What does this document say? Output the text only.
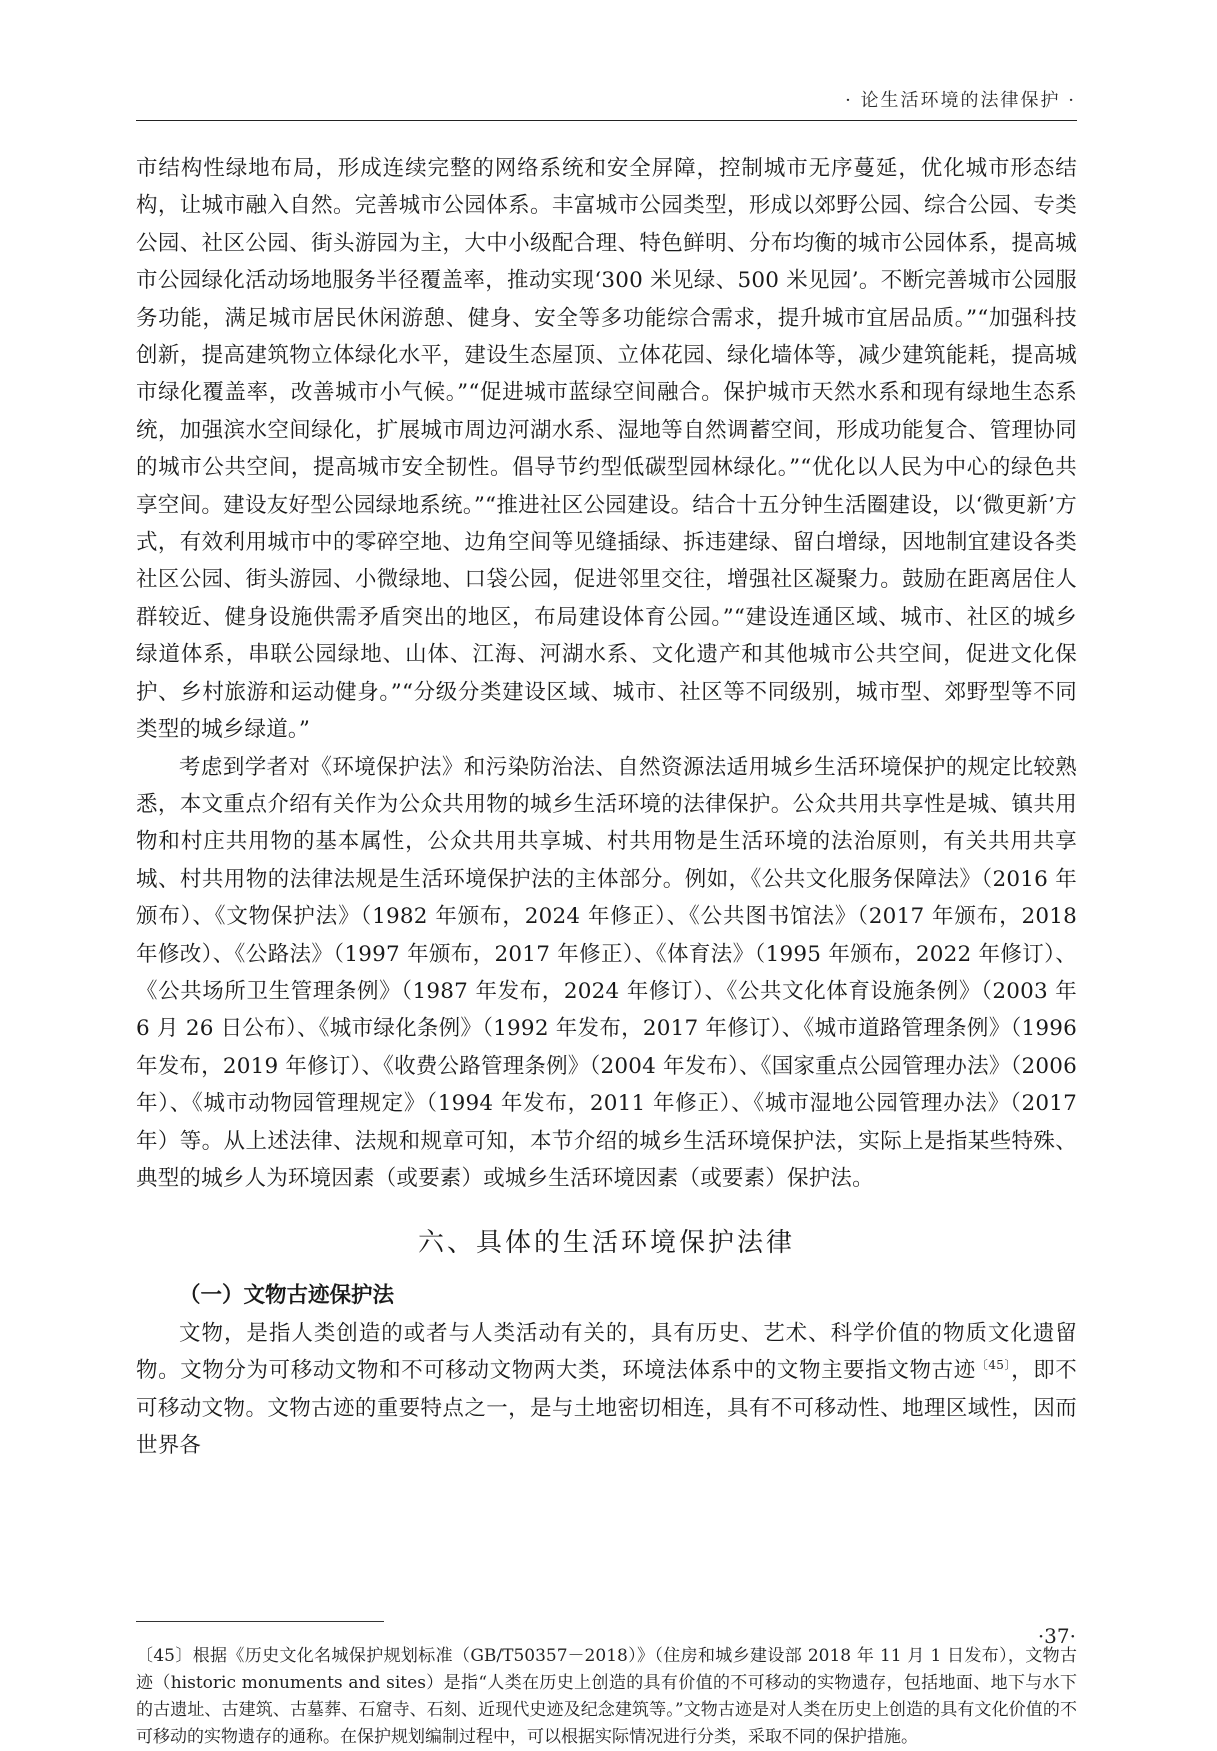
· 论生活环境的法律保护 ·

市结构性绿地布局，形成连续完整的网络系统和安全屏障，控制城市无序蔓延，优化城市形态结构，让城市融入自然。完善城市公园体系。丰富城市公园类型，形成以郊野公园、综合公园、专类公园、社区公园、街头游园为主，大中小级配合理、特色鲜明、分布均衡的城市公园体系，提高城市公园绿化活动场地服务半径覆盖率，推动实现‘300 米见绿、500 米见园’。不断完善城市公园服务功能，满足城市居民休闲游憩、健身、安全等多功能综合需求，提升城市宜居品质。”“加强科技创新，提高建筑物立体绿化水平，建设生态屋顶、立体花园、绿化墙体等，减少建筑能耗，提高城市绿化覆盖率，改善城市小气候。”“促进城市蓝绿空间融合。保护城市天然水系和现有绿地生态系统，加强滨水空间绿化，扩展城市周边河湖水系、湿地等自然调蓄空间，形成功能复合、管理协同的城市公共空间，提高城市安全韧性。倡导节约型低碳型园林绿化。”“优化以人民为中心的绿色共享空间。建设友好型公园绿地系统。”“推进社区公园建设。结合十五分钟生活圈建设，以‘微更新’方式，有效利用城市中的零碎空地、边角空间等见缝插绿、拆违建绿、留白增绿，因地制宜建设各类社区公园、街头游园、小微绿地、口袋公园，促进邻里交往，增强社区凝聚力。鼓励在距离居住人群较近、健身设施供需矛盾突出的地区，布局建设体育公园。”“建设连通区域、城市、社区的城乡绿道体系，串联公园绿地、山体、江海、河湖水系、文化遗产和其他城市公共空间，促进文化保护、乡村旅游和运动健身。”“分级分类建设区域、城市、社区等不同级别，城市型、郊野型等不同类型的城乡绿道。”

考虑到学者对《环境保护法》和污染防治法、自然资源法适用城乡生活环境保护的规定比较熟悉，本文重点介绍有关作为公众共用物的城乡生活环境的法律保护。公众共用共享性是城、镇共用物和村庄共用物的基本属性，公众共用共享城、村共用物是生活环境的法治原则，有关共用共享城、村共用物的法律法规是生活环境保护法的主体部分。例如，《公共文化服务保障法》（2016 年颁布）、《文物保护法》（1982 年颁布，2024 年修正）、《公共图书馆法》（2017 年颁布，2018 年修改）、《公路法》（1997 年颁布，2017 年修正）、《体育法》（1995 年颁布，2022 年修订）、《公共场所卫生管理条例》（1987 年发布，2024 年修订）、《公共文化体育设施条例》（2003 年 6 月 26 日公布）、《城市绿化条例》（1992 年发布，2017 年修订）、《城市道路管理条例》（1996 年发布，2019 年修订）、《收费公路管理条例》（2004 年发布）、《国家重点公园管理办法》（2006 年）、《城市动物园管理规定》（1994 年发布，2011 年修正）、《城市湿地公园管理办法》（2017 年）等。从上述法律、法规和规章可知，本节介绍的城乡生活环境保护法，实际上是指某些特殊、典型的城乡人为环境因素（或要素）或城乡生活环境因素（或要素）保护法。

六、具体的生活环境保护法律
（一）文物古迹保护法

文物，是指人类创造的或者与人类活动有关的，具有历史、艺术、科学价值的物质文化遗留物。文物分为可移动文物和不可移动文物两大类，环境法体系中的文物主要指文物古迹$^{〔45〕}$，即不可移动文物。文物古迹的重要特点之一，是与土地密切相连，具有不可移动性、地理区域性，因而世界各

〔45〕根据《历史文化名城保护规划标准（GB/T50357－2018）》（住房和城乡建设部 2018 年 11 月 1 日发布），文物古迹（historic monuments and sites）是指“人类在历史上创造的具有价值的不可移动的实物遗存，包括地面、地下与水下的古遗址、古建筑、古墓葬、石窟寺、石刻、近现代史迹及纪念建筑等。”文物古迹是对人类在历史上创造的具有文化价值的不可移动的实物遗存的通称。在保护规划编制过程中，可以根据实际情况进行分类，采取不同的保护措施。

·37·
